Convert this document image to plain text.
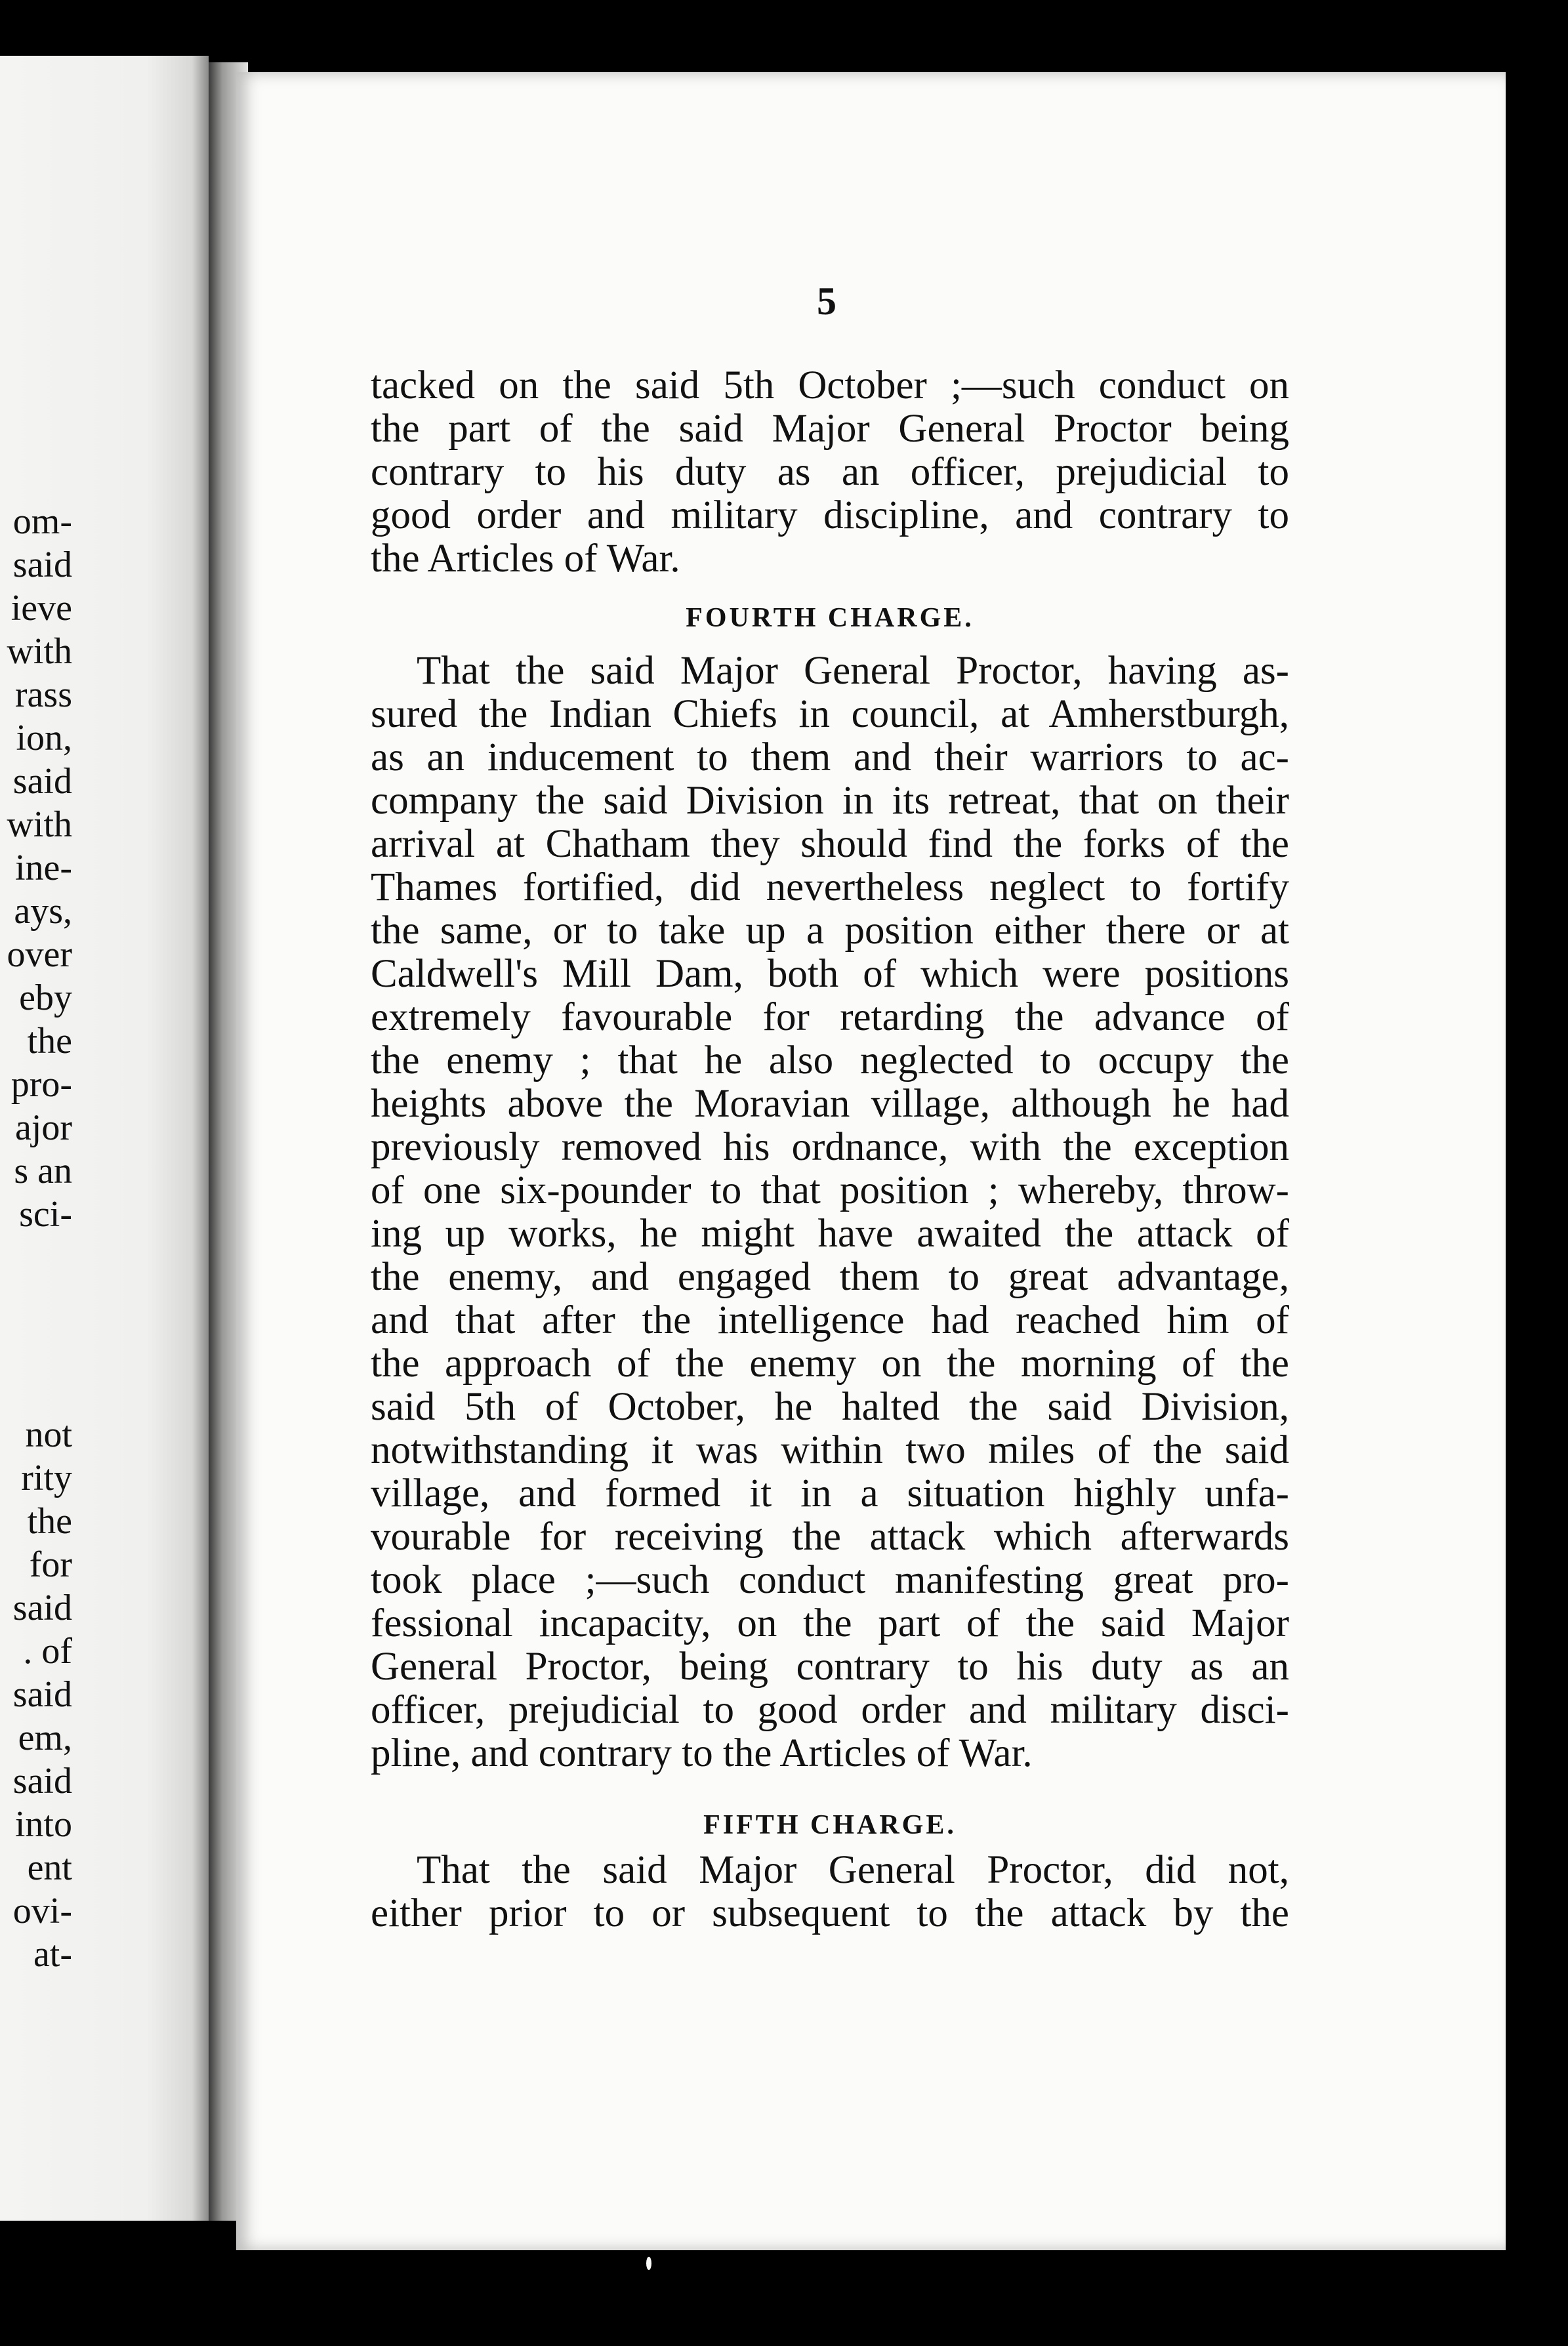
om-
said
ieve
with
rass
ion,
said
with
ine-
ays,
over
eby
the
pro-
ajor
s an
sci-
not
rity
the
for
said
. of
said
em,
said
into
ent
ovi-
at-
5
tacked on the said 5th October ;—such conduct on
the part of the said Major General Proctor being
contrary to his duty as an officer, prejudicial to
good order and military discipline, and contrary to
the Articles of War.
FOURTH CHARGE.
That the said Major General Proctor, having as-
sured the Indian Chiefs in council, at Amherstburgh,
as an inducement to them and their warriors to ac-
company the said Division in its retreat, that on their
arrival at Chatham they should find the forks of the
Thames fortified, did nevertheless neglect to fortify
the same, or to take up a position either there or at
Caldwell's Mill Dam, both of which were positions
extremely favourable for retarding the advance of
the enemy ; that he also neglected to occupy the
heights above the Moravian village, although he had
previously removed his ordnance, with the exception
of one six-pounder to that position ; whereby, throw-
ing up works, he might have awaited the attack of
the enemy, and engaged them to great advantage,
and that after the intelligence had reached him of
the approach of the enemy on the morning of the
said 5th of October, he halted the said Division,
notwithstanding it was within two miles of the said
village, and formed it in a situation highly unfa-
vourable for receiving the attack which afterwards
took place ;—such conduct manifesting great pro-
fessional incapacity, on the part of the said Major
General Proctor, being contrary to his duty as an
officer, prejudicial to good order and military disci-
pline, and contrary to the Articles of War.
FIFTH CHARGE.
That the said Major General Proctor, did not,
either prior to or subsequent to the attack by the
